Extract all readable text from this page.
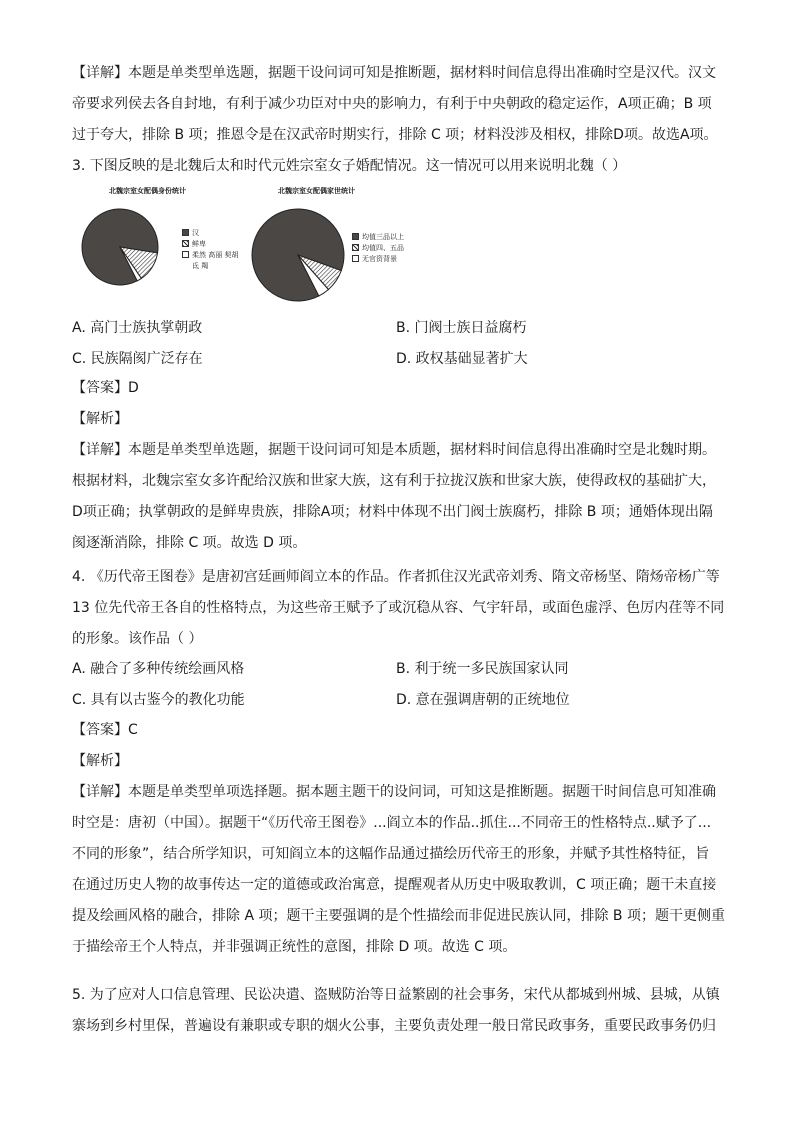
【详解】本题是单类型单选题，据题干设问词可知是推断题，据材料时间信息得出准确时空是汉代。汉文

帝要求列侯去各自封地，有利于减少功臣对中央的影响力，有利于中央朝政的稳定运作，A项正确；B 项

过于夸大，排除 B 项；推恩令是在汉武帝时期实行，排除 C 项；材料没涉及相权，排除D项。故选A项。

3. 下图反映的是北魏后太和时代元姓宗室女子婚配情况。这一情况可以用来说明北魏（ ）

北魏宗室女配偶身份统计
汉
鲜卑
柔然 高丽 契胡 氐 羯
北魏宗室女配偶家世统计
均值三品以上
均值四、五品
无官资背景
A. 高门士族执掌朝政	B. 门阀士族日益腐朽
C. 民族隔阂广泛存在	D. 政权基础显著扩大

【答案】D

【解析】

【详解】本题是单类型单选题，据题干设问词可知是本质题，据材料时间信息得出准确时空是北魏时期。

根据材料，北魏宗室女多许配给汉族和世家大族，这有利于拉拢汉族和世家大族，使得政权的基础扩大，

D项正确；执掌朝政的是鲜卑贵族，排除A项；材料中体现不出门阀士族腐朽，排除 B 项；通婚体现出隔

阂逐渐消除，排除 C 项。故选 D 项。

4. 《历代帝王图卷》是唐初宫廷画师阎立本的作品。作者抓住汉光武帝刘秀、隋文帝杨坚、隋炀帝杨广等

13 位先代帝王各自的性格特点，为这些帝王赋予了或沉稳从容、气宇轩昂，或面色虚浮、色厉内荏等不同

的形象。该作品（ ）

A. 融合了多种传统绘画风格	B. 利于统一多民族国家认同
C. 具有以古鉴今的教化功能	D. 意在强调唐朝的正统地位

【答案】C

【解析】

【详解】本题是单类型单项选择题。据本题主题干的设问词，可知这是推断题。据题干时间信息可知准确

时空是：唐初（中国）。据题干“《历代帝王图卷》...阎立本的作品..抓住...不同帝王的性格特点..赋予了...

不同的形象”，结合所学知识，可知阎立本的这幅作品通过描绘历代帝王的形象，并赋予其性格特征，旨

在通过历史人物的故事传达一定的道德或政治寓意，提醒观者从历史中吸取教训，C 项正确；题干未直接

提及绘画风格的融合，排除 A 项；题干主要强调的是个性描绘而非促进民族认同，排除 B 项；题干更侧重

于描绘帝王个人特点，并非强调正统性的意图，排除 D 项。故选 C 项。

5. 为了应对人口信息管理、民讼决遣、盗贼防治等日益繁剧的社会事务，宋代从都城到州城、县城，从镇

寨场到乡村里保，普遍设有兼职或专职的烟火公事，主要负责处理一般日常民政事务，重要民政事务仍归
